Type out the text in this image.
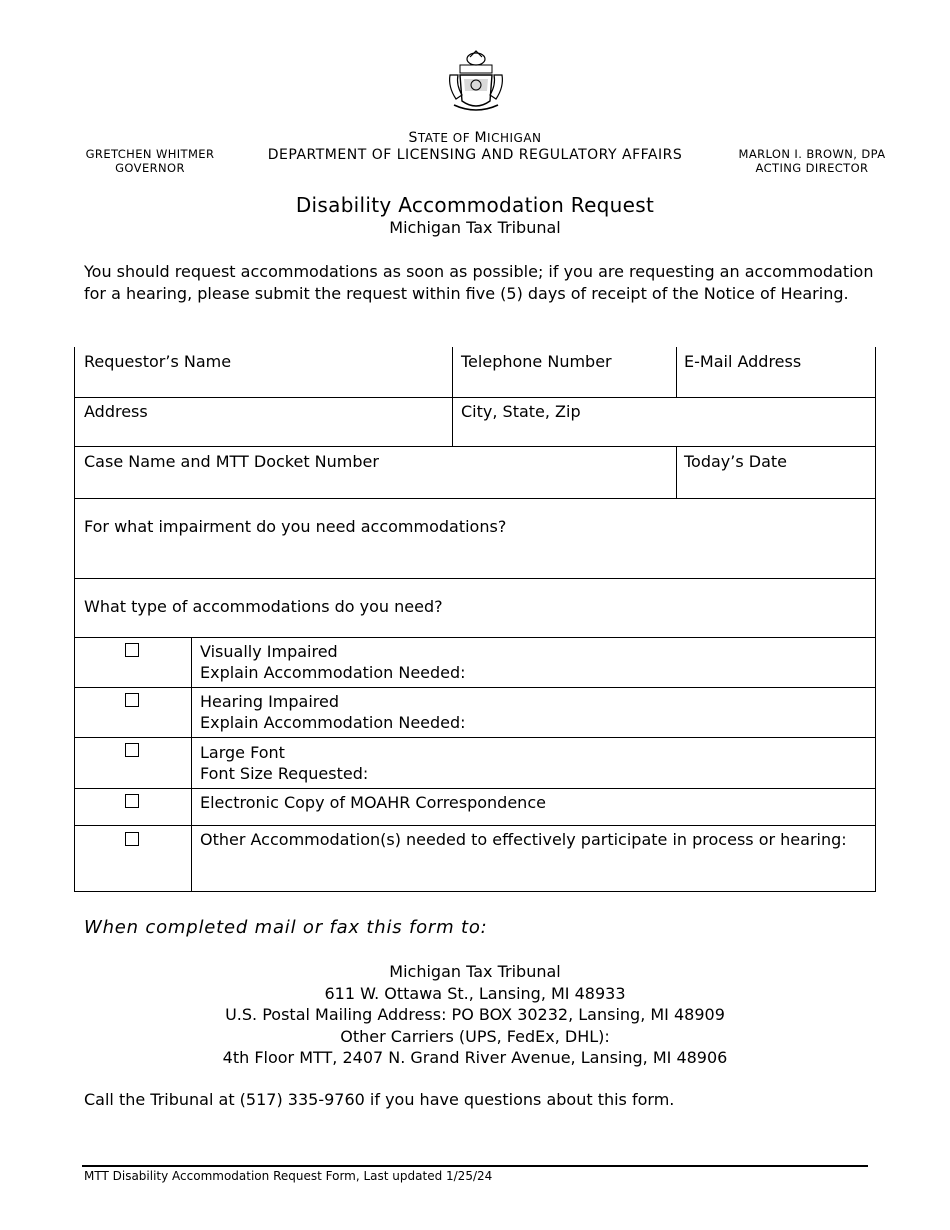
GRETCHEN WHITMER
GOVERNOR
STATE OF MICHIGAN
DEPARTMENT OF LICENSING AND REGULATORY AFFAIRS	MARLON I. BROWN, DPA
ACTING DIRECTOR
Disability Accommodation Request
Michigan Tax Tribunal
You should request accommodations as soon as possible; if you are requesting an accommodation for a hearing, please submit the request within five (5) days of receipt of the Notice of Hearing.
Requestor’s Name	Telephone Number	E-Mail Address
Address	City, State, Zip
Case Name and MTT Docket Number	Today’s Date
For what impairment do you need accommodations?
What type of accommodations do you need?
Visually Impaired
Explain Accommodation Needed:
Hearing Impaired
Explain Accommodation Needed:
Large Font
Font Size Requested:
Electronic Copy of MOAHR Correspondence
Other Accommodation(s) needed to effectively participate in process or hearing:
When completed mail or fax this form to:
Michigan Tax Tribunal
611 W. Ottawa St., Lansing, MI 48933
U.S. Postal Mailing Address: PO BOX 30232, Lansing, MI 48909
Other Carriers (UPS, FedEx, DHL):
4th Floor MTT, 2407 N. Grand River Avenue, Lansing, MI 48906
Call the Tribunal at (517) 335-9760 if you have questions about this form.
MTT Disability Accommodation Request Form, Last updated 1/25/24
